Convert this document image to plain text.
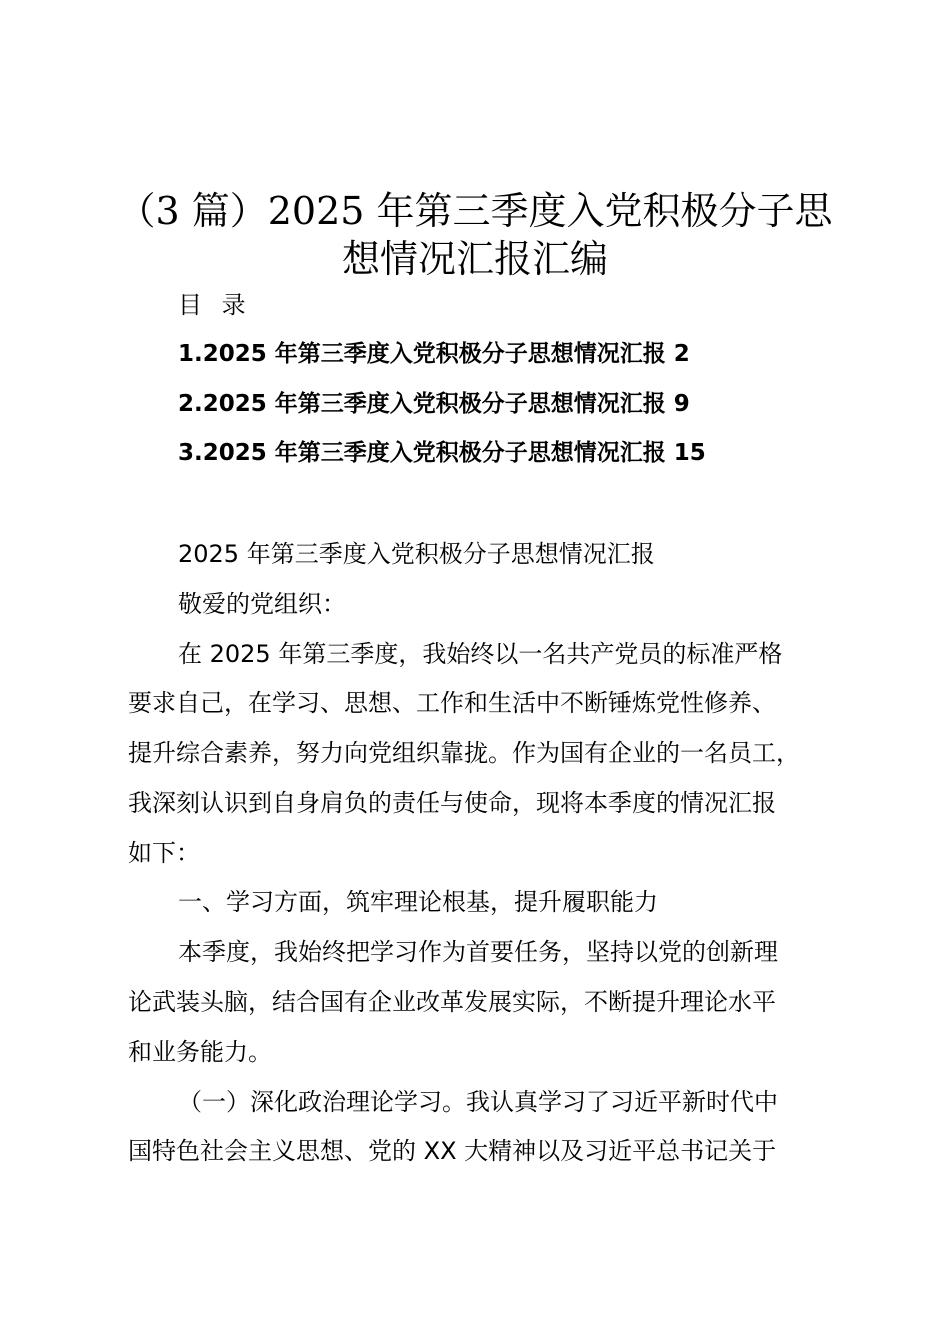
（3 篇）2025 年第三季度入党积极分子思
想情况汇报汇编
目 录
1.2025 年第三季度入党积极分子思想情况汇报 2
2.2025 年第三季度入党积极分子思想情况汇报 9
3.2025 年第三季度入党积极分子思想情况汇报 15
2025 年第三季度入党积极分子思想情况汇报
敬爱的党组织：
在 2025 年第三季度，我始终以一名共产党员的标准严格
要求自己，在学习、思想、工作和生活中不断锤炼党性修养、
提升综合素养，努力向党组织靠拢。作为国有企业的一名员工，
我深刻认识到自身肩负的责任与使命，现将本季度的情况汇报
如下：
一、学习方面，筑牢理论根基，提升履职能力
本季度，我始终把学习作为首要任务，坚持以党的创新理
论武装头脑，结合国有企业改革发展实际，不断提升理论水平
和业务能力。
（一）深化政治理论学习。我认真学习了习近平新时代中
国特色社会主义思想、党的 XX 大精神以及习近平总书记关于
